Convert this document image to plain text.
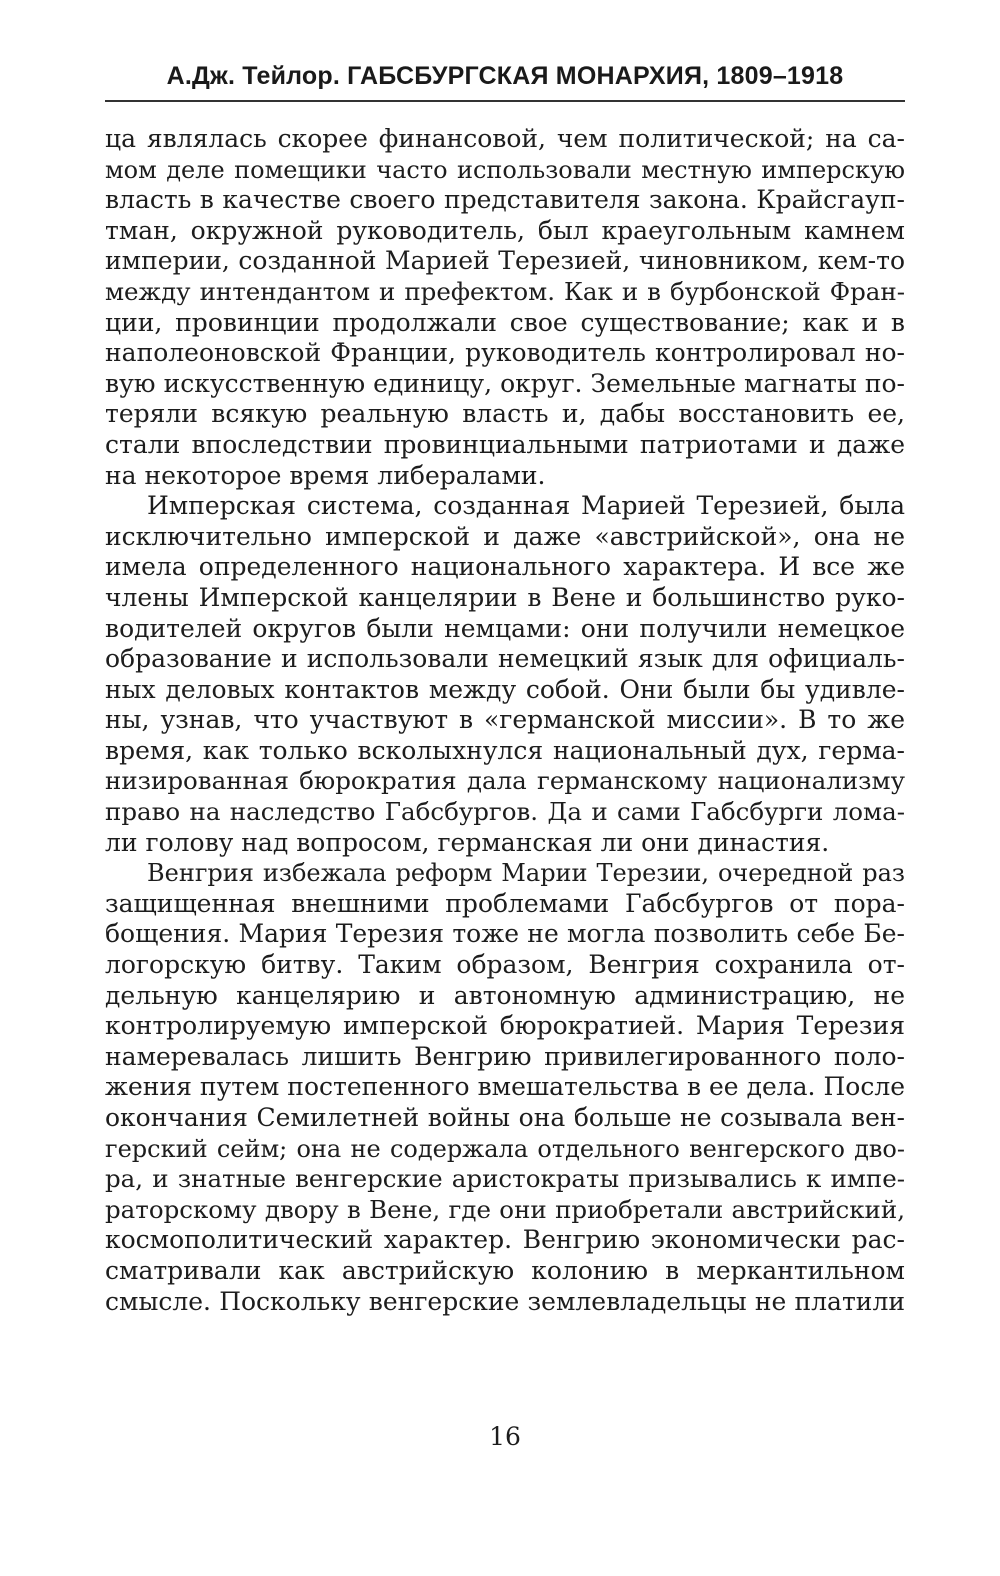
А.Дж. Тейлор. ГАБСБУРГСКАЯ МОНАРХИЯ, 1809–1918
ца являлась скорее финансовой, чем политической; на са-
мом деле помещики часто использовали местную имперскую
власть в качестве своего представителя закона. Крайсгауп-
тман, окружной руководитель, был краеугольным камнем
империи, созданной Марией Терезией, чиновником, кем-то
между интендантом и префектом. Как и в бурбонской Фран-
ции, провинции продолжали свое существование; как и в
наполеоновской Франции, руководитель контролировал но-
вую искусственную единицу, округ. Земельные магнаты по-
теряли всякую реальную власть и, дабы восстановить ее,
стали впоследствии провинциальными патриотами и даже
на некоторое время либералами.
Имперская система, созданная Марией Терезией, была
исключительно имперской и даже «австрийской», она не
имела определенного национального характера. И все же
члены Имперской канцелярии в Вене и большинство руко-
водителей округов были немцами: они получили немецкое
образование и использовали немецкий язык для официаль-
ных деловых контактов между собой. Они были бы удивле-
ны, узнав, что участвуют в «германской миссии». В то же
время, как только всколыхнулся национальный дух, герма-
низированная бюрократия дала германскому национализму
право на наследство Габсбургов. Да и сами Габсбурги лома-
ли голову над вопросом, германская ли они династия.
Венгрия избежала реформ Марии Терезии, очередной раз
защищенная внешними проблемами Габсбургов от пора-
бощения. Мария Терезия тоже не могла позволить себе Бе-
логорскую битву. Таким образом, Венгрия сохранила от-
дельную канцелярию и автономную администрацию, не
контролируемую имперской бюрократией. Мария Терезия
намеревалась лишить Венгрию привилегированного поло-
жения путем постепенного вмешательства в ее дела. После
окончания Семилетней войны она больше не созывала вен-
герский сейм; она не содержала отдельного венгерского дво-
ра, и знатные венгерские аристократы призывались к импе-
раторскому двору в Вене, где они приобретали австрийский,
космополитический характер. Венгрию экономически рас-
сматривали как австрийскую колонию в меркантильном
смысле. Поскольку венгерские землевладельцы не платили
16
